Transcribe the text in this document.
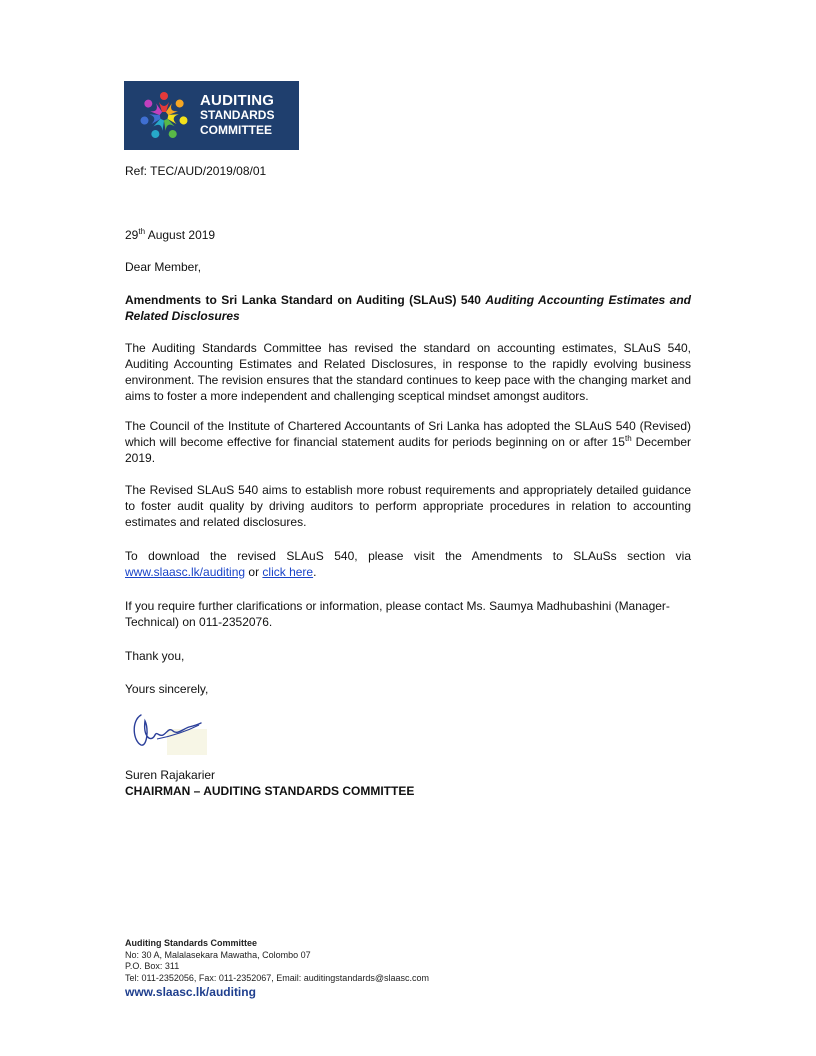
AUDITING
STANDARDS
COMMITTEE
Ref: TEC/AUD/2019/08/01
29th August 2019
Dear Member,
Amendments to Sri Lanka Standard on Auditing (SLAuS) 540 Auditing Accounting Estimates and Related Disclosures
The Auditing Standards Committee has revised the standard on accounting estimates, SLAuS 540, Auditing Accounting Estimates and Related Disclosures, in response to the rapidly evolving business environment. The revision ensures that the standard continues to keep pace with the changing market and aims to foster a more independent and challenging sceptical mindset amongst auditors.
The Council of the Institute of Chartered Accountants of Sri Lanka has adopted the SLAuS 540 (Revised) which will become effective for financial statement audits for periods beginning on or after 15th December 2019.
The Revised SLAuS 540 aims to establish more robust requirements and appropriately detailed guidance to foster audit quality by driving auditors to perform appropriate procedures in relation to accounting estimates and related disclosures.
To download the revised SLAuS 540, please visit the Amendments to SLAuSs section via www.slaasc.lk/auditing or click here.
If you require further clarifications or information, please contact Ms. Saumya Madhubashini (Manager-Technical) on 011-2352076.
Thank you,
Yours sincerely,
Suren Rajakarier
CHAIRMAN – AUDITING STANDARDS COMMITTEE
Auditing Standards Committee
No: 30 A, Malalasekara Mawatha, Colombo 07
P.O. Box: 311
Tel: 011-2352056, Fax: 011-2352067, Email: auditingstandards@slaasc.com
www.slaasc.lk/auditing
